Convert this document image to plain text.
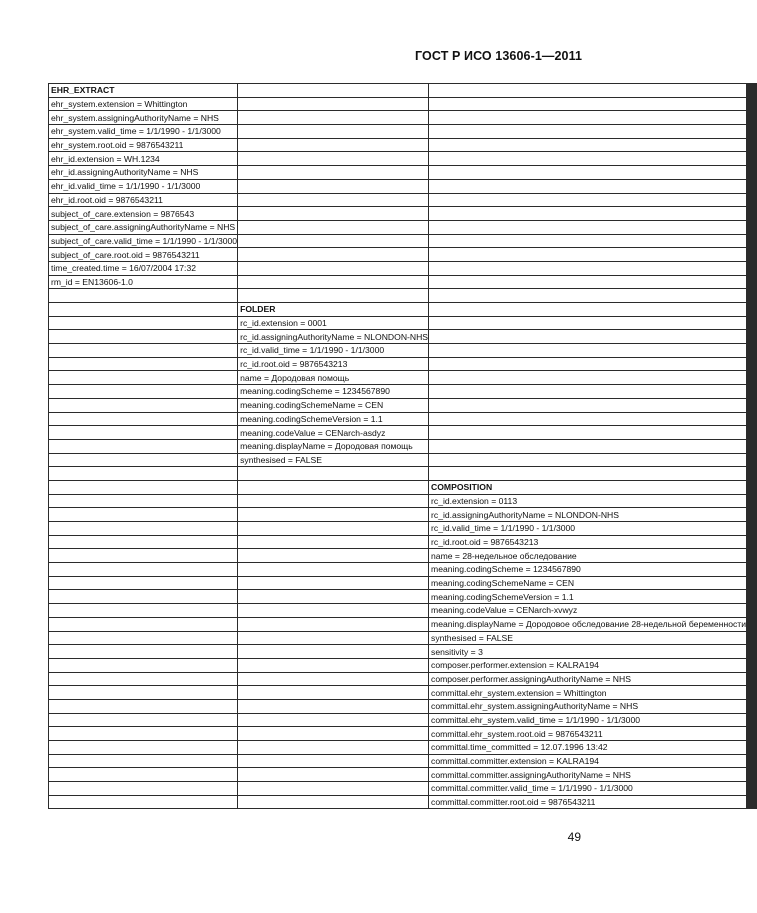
ГОСТ Р ИСО 13606-1—2011
EHR_EXTRACT												
ehr_system.extension = Whittington												
ehr_system.assigningAuthorityName = NHS												
ehr_system.valid_time = 1/1/1990 - 1/1/3000												
ehr_system.root.oid = 9876543211												
ehr_id.extension = WH.1234												
ehr_id.assigningAuthorityName = NHS												
ehr_id.valid_time = 1/1/1990 - 1/1/3000												
ehr_id.root.oid = 9876543211												
subject_of_care.extension = 9876543												
subject_of_care.assigningAuthorityName = NHS												
subject_of_care.valid_time = 1/1/1990 - 1/1/3000												
subject_of_care.root.oid = 9876543211												
time_created.time = 16/07/2004 17:32												
rm_id = EN13606-1.0												

	FOLDER											
	rc_id.extension = 0001											
	rc_id.assigningAuthorityName = NLONDON-NHS											
	rc_id.valid_time = 1/1/1990 - 1/1/3000											
	rc_id.root.oid = 9876543213											
	name = Дородовая помощь											
	meaning.codingScheme = 1234567890											
	meaning.codingSchemeName = CEN											
	meaning.codingSchemeVersion = 1.1											
	meaning.codeValue = CENarch-asdyz											
	meaning.displayName = Дородовая помощь											
	synthesised = FALSE											

		COMPOSITION										
		rc_id.extension = 0113										
		rc_id.assigningAuthorityName = NLONDON-NHS										
		rc_id.valid_time = 1/1/1990 - 1/1/3000										
		rc_id.root.oid = 9876543213										
		name = 28-недельное обследование										
		meaning.codingScheme = 1234567890										
		meaning.codingSchemeName = CEN										
		meaning.codingSchemeVersion = 1.1										
		meaning.codeValue = CENarch-xvwyz										
		meaning.displayName = Дородовое обследование 28-недельной беременности										
		synthesised = FALSE										
		sensitivity = 3										
		composer.performer.extension = KALRA194										
		composer.performer.assigningAuthorityName = NHS										
		committal.ehr_system.extension = Whittington										
		committal.ehr_system.assigningAuthorityName = NHS										
		committal.ehr_system.valid_time = 1/1/1990 - 1/1/3000										
		committal.ehr_system.root.oid = 9876543211										
		committal.time_committed = 12.07.1996 13:42										
		committal.committer.extension = KALRA194										
		committal.committer.assigningAuthorityName = NHS										
		committal.committer.valid_time = 1/1/1990 - 1/1/3000										
		committal.committer.root.oid = 9876543211										
49
